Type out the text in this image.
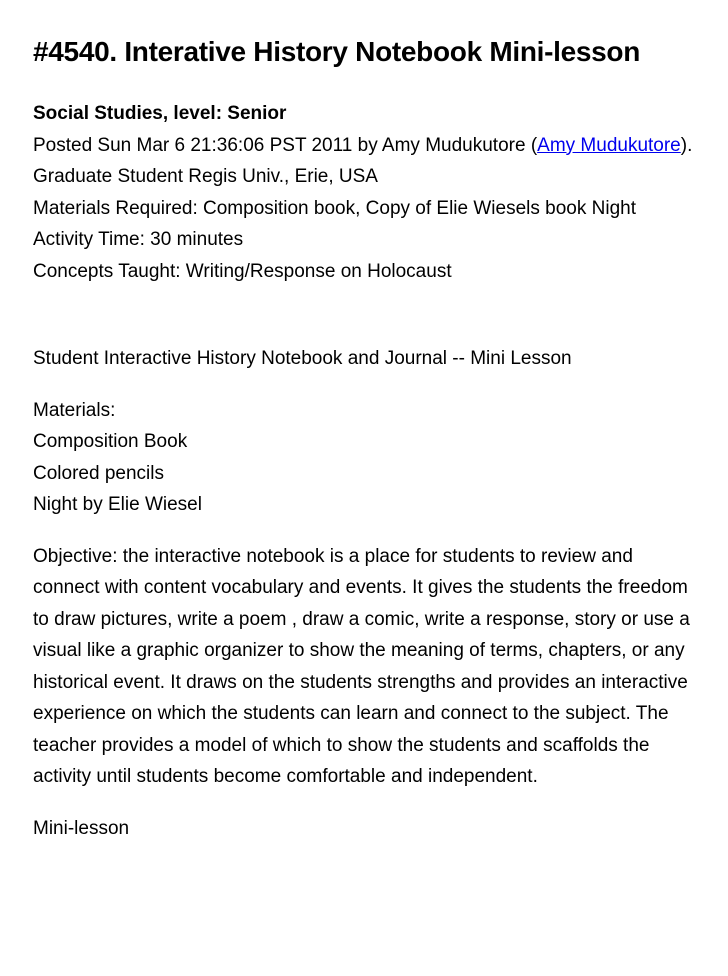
#4540. Interative History Notebook Mini-lesson
Social Studies, level: Senior
Posted Sun Mar 6 21:36:06 PST 2011 by Amy Mudukutore (Amy Mudukutore).
Graduate Student Regis Univ., Erie, USA
Materials Required: Composition book, Copy of Elie Wiesels book Night
Activity Time: 30 minutes
Concepts Taught: Writing/Response on Holocaust
Student Interactive History Notebook and Journal -- Mini Lesson
Materials:
Composition Book
Colored pencils
Night by Elie Wiesel
Objective: the interactive notebook is a place for students to review and connect with content vocabulary and events. It gives the students the freedom to draw pictures, write a poem , draw a comic, write a response, story or use a visual like a graphic organizer to show the meaning of terms, chapters, or any historical event. It draws on the students strengths and provides an interactive experience on which the students can learn and connect to the subject. The teacher provides a model of which to show the students and scaffolds the activity until students become comfortable and independent.
Mini-lesson
